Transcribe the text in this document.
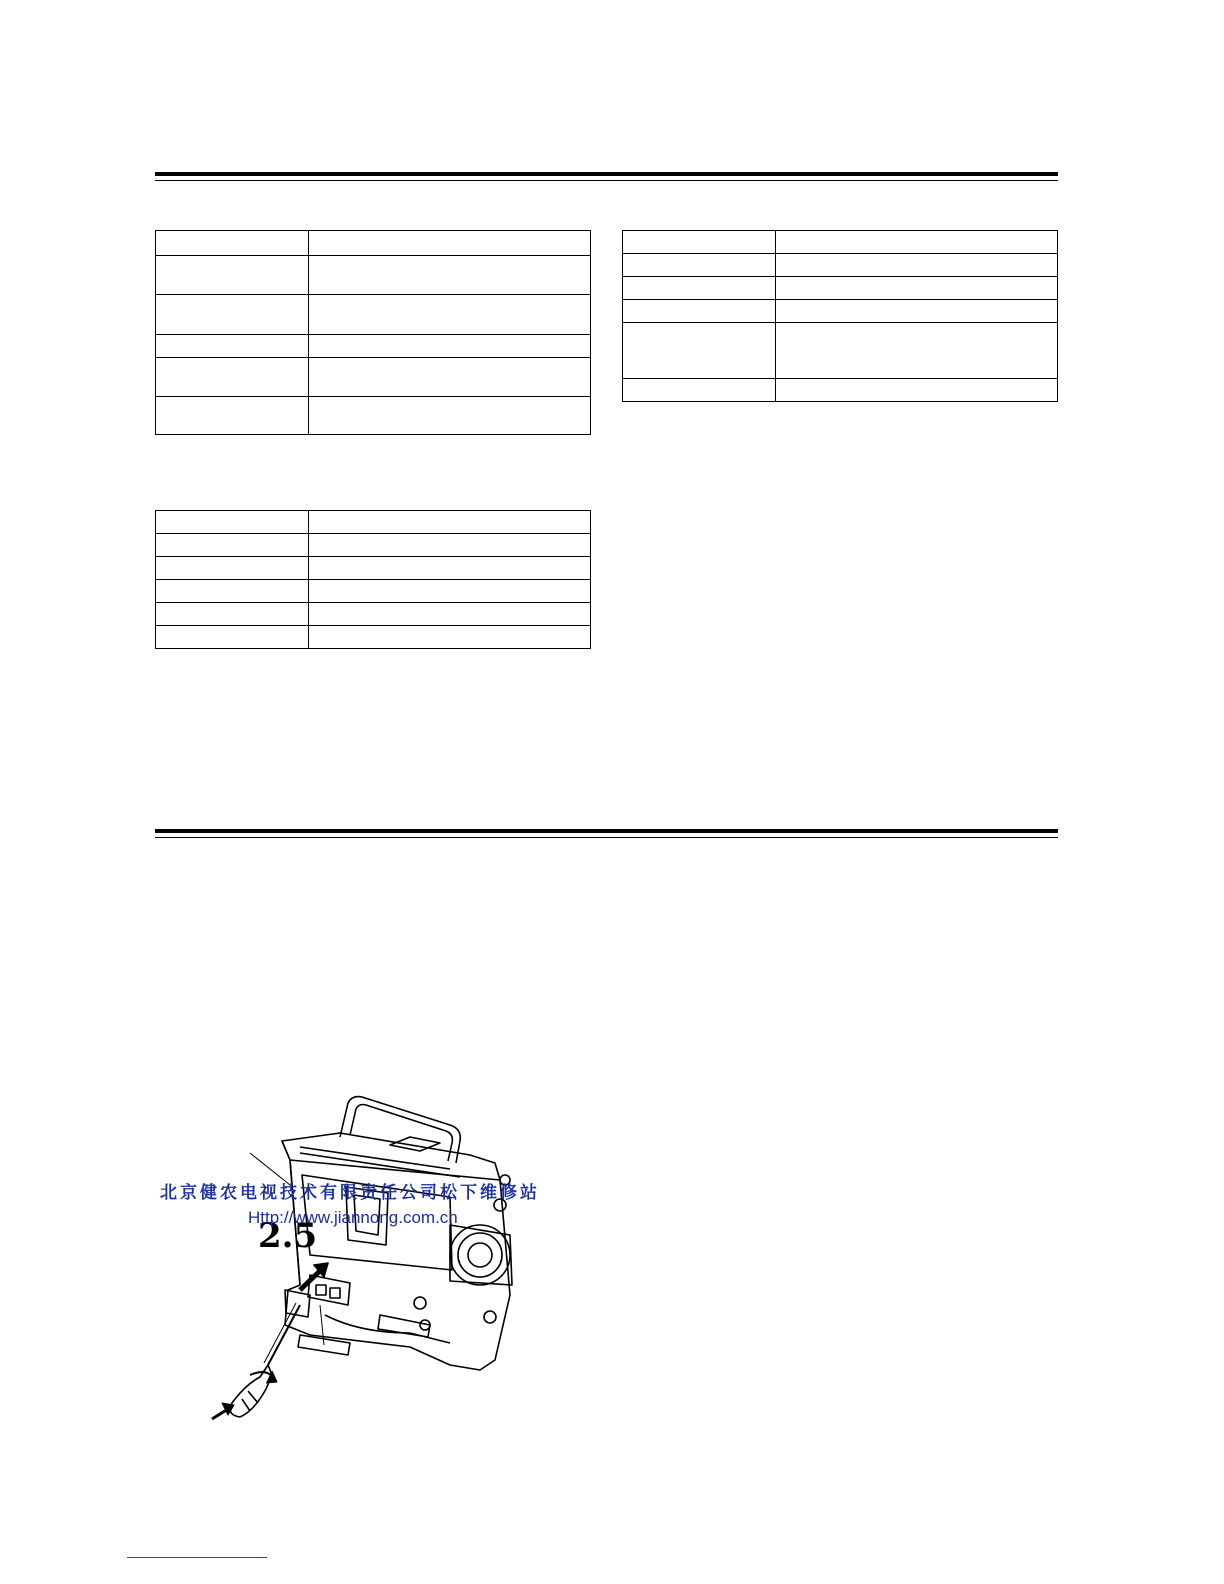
2.5
北京健农电视技术有限责任公司松下维修站
Http://www.jiannong.com.cn
